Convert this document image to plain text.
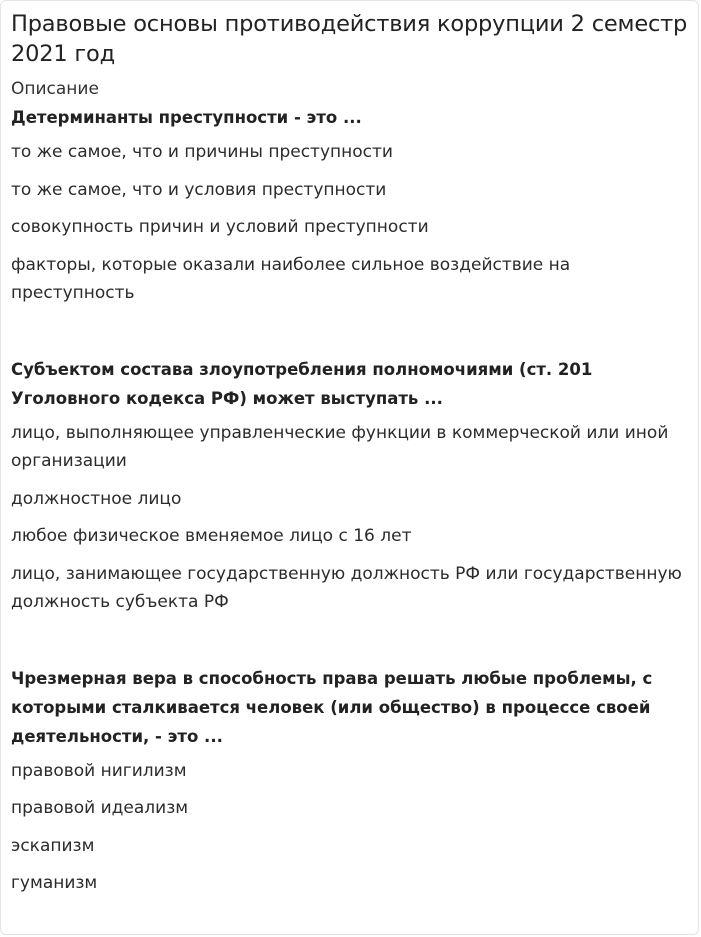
Правовые основы противодействия коррупции 2 семестр 2021 год
Описание
Детерминанты преступности - это ...
то же самое, что и причины преступности
то же самое, что и условия преступности
совокупность причин и условий преступности
факторы, которые оказали наиболее сильное воздействие на преступность
Субъектом состава злоупотребления полномочиями (ст. 201 Уголовного кодекса РФ) может выступать ...
лицо, выполняющее управленческие функции в коммерческой или иной организации
должностное лицо
любое физическое вменяемое лицо с 16 лет
лицо, занимающее государственную должность РФ или государственную должность субъекта РФ
Чрезмерная вера в способность права решать любые проблемы, с которыми сталкивается человек (или общество) в процессе своей деятельности, - это ...
правовой нигилизм
правовой идеализм
эскапизм
гуманизм
